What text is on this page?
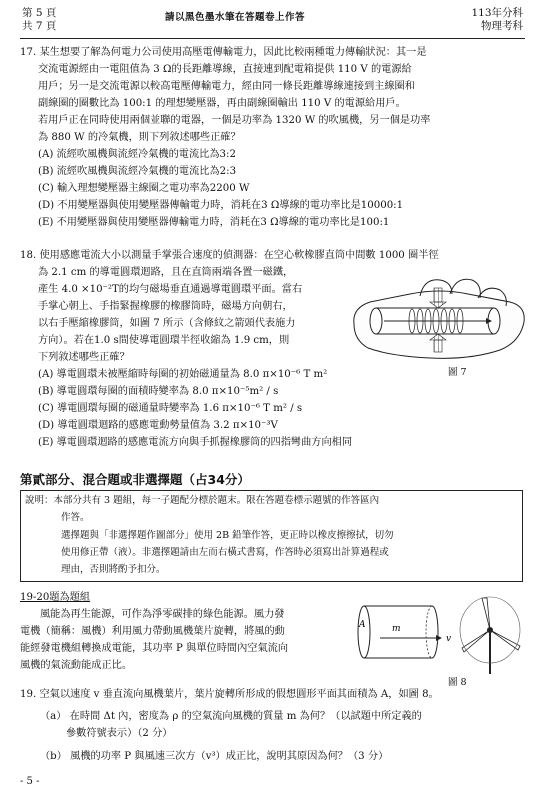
第 5 頁
共 7 頁
請以黑色墨水筆在答題卷上作答	113年分科
物理考科
17. 某生想要了解為何電力公司使用高壓電傳輸電力，因此比較兩種電力傳輸狀況：其一是
交流電源經由一電阻值為 3 Ω的長距離導線，直接連到配電箱提供 110 V 的電源給
用戶；另一是交流電源以較高電壓傳輸電力，經由同一條長距離導線連接到主線圈和
副線圈的圈數比為 100:1 的理想變壓器，再由副線圈輸出 110 V 的電源給用戶。
若用戶正在同時使用兩個並聯的電器，一個是功率為 1320 W 的吹風機，另一個是功率
為 880 W 的冷氣機，則下列敘述哪些正確？
(A) 流經吹風機與流經冷氣機的電流比為3:2
(B) 流經吹風機與流經冷氣機的電流比為2:3
(C) 輸入理想變壓器主線圈之電功率為2200 W
(D) 不用變壓器與使用變壓器傳輸電力時，消耗在3 Ω導線的電功率比是10000:1
(E) 不用變壓器與使用變壓器傳輸電力時，消耗在3 Ω導線的電功率比是100:1
18. 使用感應電流大小以測量手掌張合速度的偵測器：在空心軟橡膠直筒中間數 1000 圈半徑
為 2.1 cm 的導電圓環迴路，且在直筒兩端各置一磁鐵，
產生 4.0 ×10⁻²T的均勻磁場垂直通過導電圓環平面。當右
手掌心朝上、手指緊握橡膠的橡膠筒時，磁場方向朝右，
以右手壓縮橡膠筒，如圖 7 所示（含條紋之箭頭代表施力
方向）。若在1.0 s間使導電圓環半徑收縮為 1.9 cm，則
下列敘述哪些正確？
(A) 導電圓環未被壓縮時每圈的初始磁通量為 8.0 π×10⁻⁶ T m²
(B) 導電圓環每圈的面積時變率為 8.0 π×10⁻⁵m² / s
(C) 導電圓環每圈的磁通量時變率為 1.6 π×10⁻⁶ T m² / s
(D) 導電圓環迴路的感應電動勢量值為 3.2 π×10⁻³V
(E) 導電圓環迴路的感應電流方向與手抓握橡膠筒的四指彎曲方向相同
圖 7
第貳部分、混合題或非選擇題（占34分）
說明：本部分共有 3 題組，每一子題配分標於題末。限在答題卷標示題號的作答區內
作答。
選擇題與「非選擇題作圖部分」使用 2B 鉛筆作答，更正時以橡皮擦擦拭，切勿
使用修正帶（液）。非選擇題請由左而右橫式書寫，作答時必須寫出計算過程或
理由，否則將酌予扣分。
19-20題為題組
風能為再生能源，可作為淨零碳排的綠色能源。風力發
電機（簡稱：風機）利用風力帶動風機葉片旋轉，將風的動
能經發電機組轉換成電能，其功率 P 與單位時間內空氣流向
風機的氣流動能成正比。
A	m
v
圖 8
19. 空氣以速度 v 垂直流向風機葉片，葉片旋轉所形成的假想圓形平面其面積為 A，如圖 8。
（a） 在時間 Δt 內，密度為 ρ 的空氣流向風機的質量 m 為何？（以試題中所定義的
參數符號表示）（2 分）
（b） 風機的功率 P 與風速三次方（v³）成正比，說明其原因為何？（3 分）
- 5 -
